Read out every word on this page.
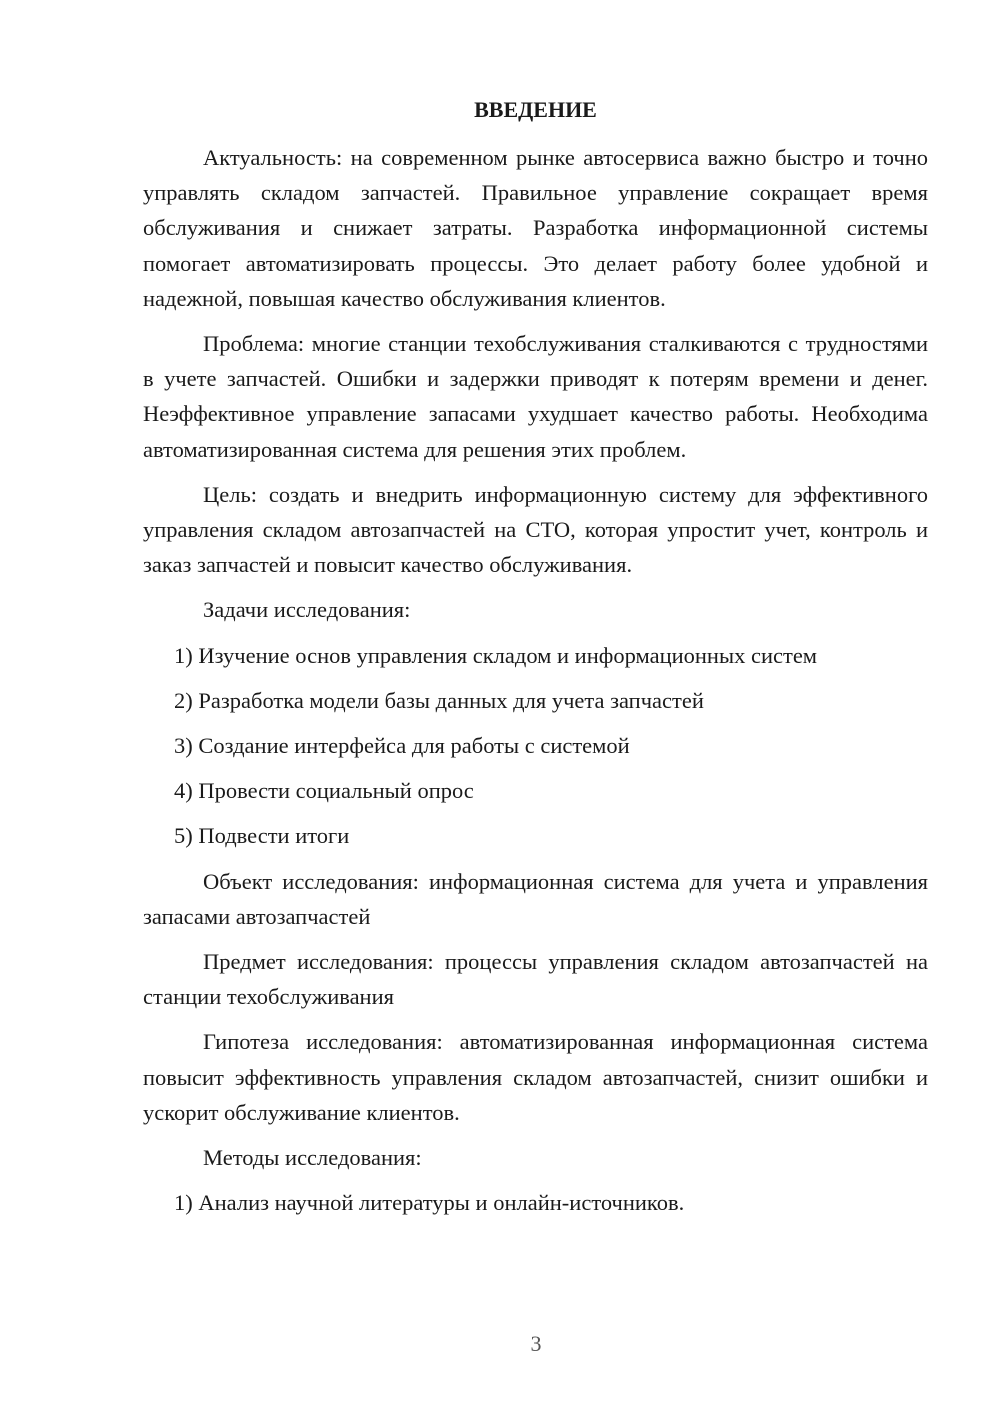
ВВЕДЕНИЕ
Актуальность: на современном рынке автосервиса важно быстро и точно управлять складом запчастей. Правильное управление сокращает время обслуживания и снижает затраты. Разработка информационной системы помогает автоматизировать процессы. Это делает работу более удобной и надежной, повышая качество обслуживания клиентов.
Проблема: многие станции техобслуживания сталкиваются с трудностями в учете запчастей. Ошибки и задержки приводят к потерям времени и денег. Неэффективное управление запасами ухудшает качество работы. Необходима автоматизированная система для решения этих проблем.
Цель: создать и внедрить информационную систему для эффективного управления складом автозапчастей на СТО, которая упростит учет, контроль и заказ запчастей и повысит качество обслуживания.
Задачи исследования:
1) Изучение основ управления складом и информационных систем
2) Разработка модели базы данных для учета запчастей
3) Создание интерфейса для работы с системой
4) Провести социальный опрос
5) Подвести итоги
Объект исследования: информационная система для учета и управления запасами автозапчастей
Предмет исследования: процессы управления складом автозапчастей на станции техобслуживания
Гипотеза исследования: автоматизированная информационная система повысит эффективность управления складом автозапчастей, снизит ошибки и ускорит обслуживание клиентов.
Методы исследования:
1) Анализ научной литературы и онлайн-источников.
3
